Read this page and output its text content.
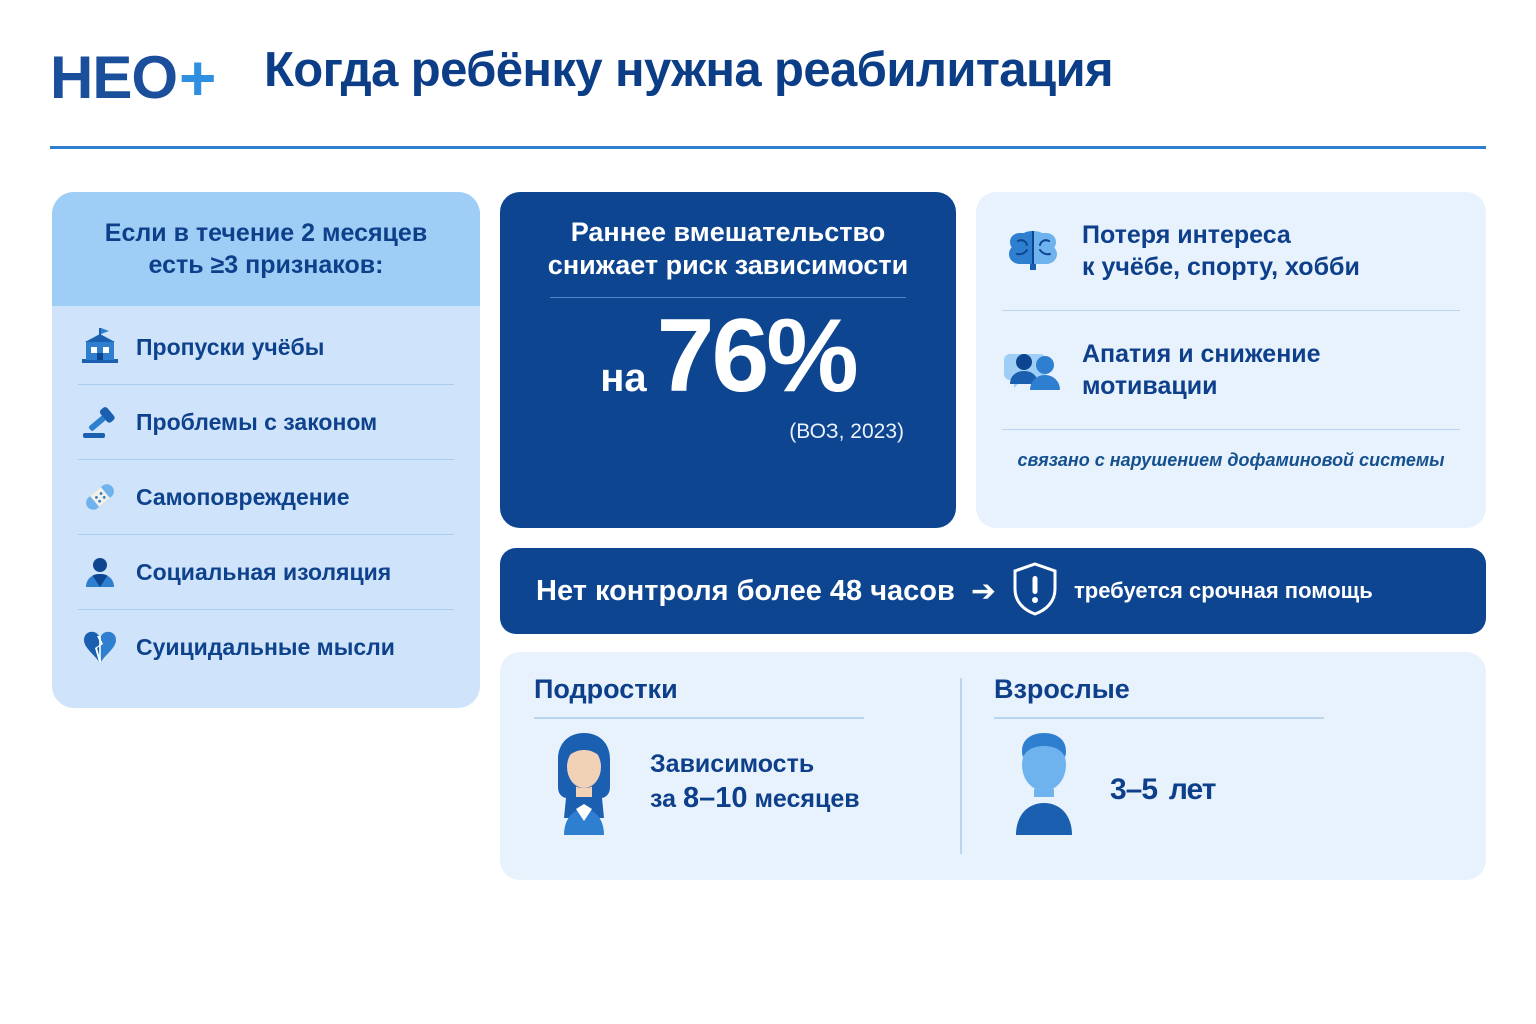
H E O + Когда ребёнку нужна реабилитация
Если в течение 2 месяцев
есть ≥3 признаков:
Пропуски учёбы
Проблемы с законом
Самоповреждение
Социальная изоляция
Суицидальные мысли
Раннее вмешательство
снижает риск зависимости
на 76%
(ВОЗ, 2023)
Потеря интереса
к учёбе, спорту, хобби
Апатия и снижение
мотивации
связано с нарушением дофаминовой системы
Нет контроля более 48 часов ➔	требуется срочная помощь
Подростки
Зависимость
за 8–10 месяцев
Взрослые
3–5 лет
